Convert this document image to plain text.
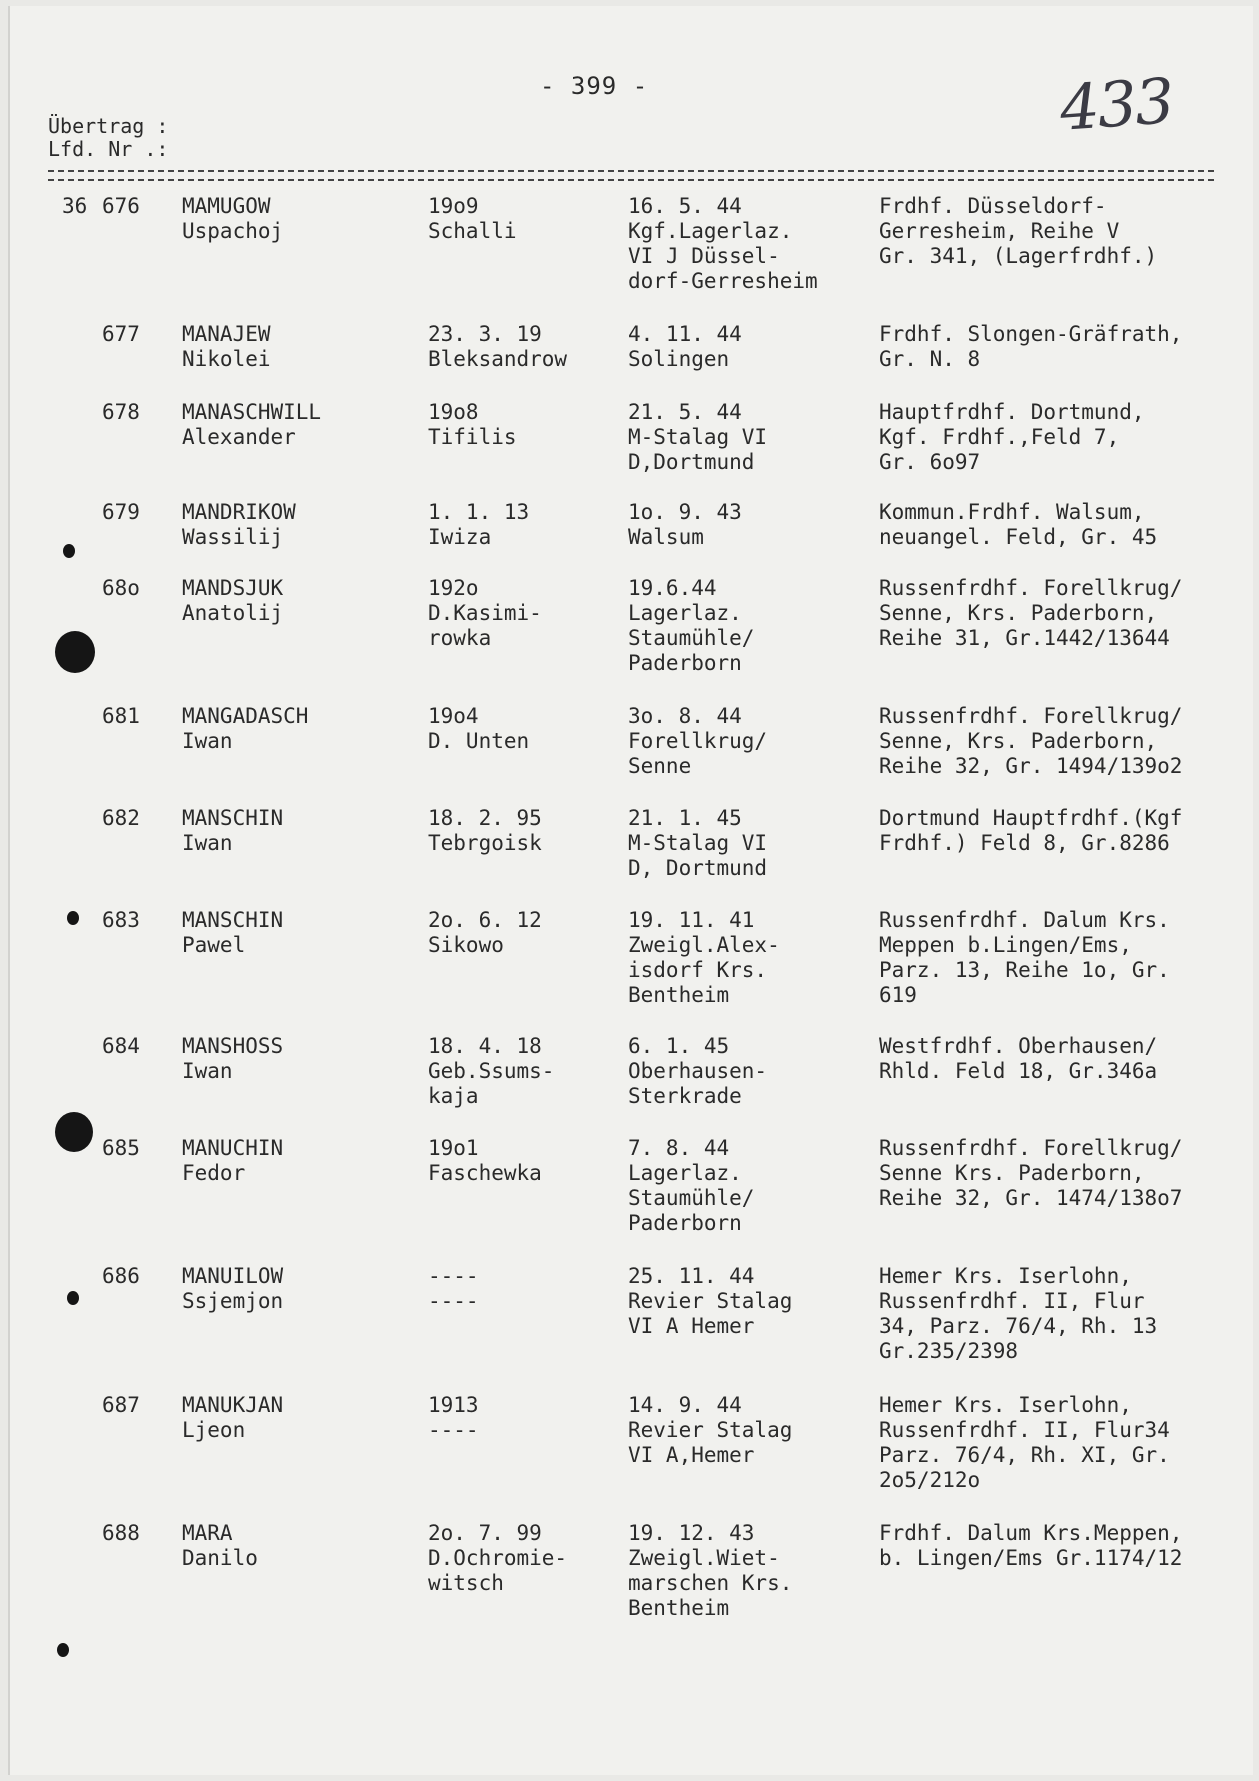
- 399 -	433
Übertrag :
Lfd. Nr .:
36 676 MAMUGOW
Uspachoj
19o9
Schalli
16. 5. 44
Kgf.Lagerlaz.
VI J Düssel-
dorf-Gerresheim
Frdhf. Düsseldorf-
Gerresheim, Reihe V
Gr. 341, (Lagerfrdhf.)
677 MANAJEW
Nikolei
23. 3. 19
Bleksandrow
4. 11. 44
Solingen
Frdhf. Slongen-Gräfrath,
Gr. N. 8
678 MANASCHWILL
Alexander
19o8
Tifilis
21. 5. 44
M-Stalag VI
D,Dortmund
Hauptfrdhf. Dortmund,
Kgf. Frdhf.,Feld 7,
Gr. 6o97
679 MANDRIKOW
Wassilij
1. 1. 13
Iwiza
1o. 9. 43
Walsum
Kommun.Frdhf. Walsum,
neuangel. Feld, Gr. 45
68o MANDSJUK
Anatolij
192o
D.Kasimi-
rowka
19.6.44
Lagerlaz.
Staumühle/
Paderborn
Russenfrdhf. Forellkrug/
Senne, Krs. Paderborn,
Reihe 31, Gr.1442/13644
681 MANGADASCH
Iwan
19o4
D. Unten
3o. 8. 44
Forellkrug/
Senne
Russenfrdhf. Forellkrug/
Senne, Krs. Paderborn,
Reihe 32, Gr. 1494/139o2
682 MANSCHIN
Iwan
18. 2. 95
Tebrgoisk
21. 1. 45
M-Stalag VI
D, Dortmund
Dortmund Hauptfrdhf.(Kgf
Frdhf.) Feld 8, Gr.8286
683 MANSCHIN
Pawel
2o. 6. 12
Sikowo
19. 11. 41
Zweigl.Alex-
isdorf Krs.
Bentheim
Russenfrdhf. Dalum Krs.
Meppen b.Lingen/Ems,
Parz. 13, Reihe 1o, Gr.
619
684 MANSHOSS
Iwan
18. 4. 18
Geb.Ssums-
kaja
6. 1. 45
Oberhausen-
Sterkrade
Westfrdhf. Oberhausen/
Rhld. Feld 18, Gr.346a
685 MANUCHIN
Fedor
19o1
Faschewka
7. 8. 44
Lagerlaz.
Staumühle/
Paderborn
Russenfrdhf. Forellkrug/
Senne Krs. Paderborn,
Reihe 32, Gr. 1474/138o7
686 MANUILOW
Ssjemjon
----
----
25. 11. 44
Revier Stalag
VI A Hemer
Hemer Krs. Iserlohn,
Russenfrdhf. II, Flur
34, Parz. 76/4, Rh. 13
Gr.235/2398
687 MANUKJAN
Ljeon
1913
----
14. 9. 44
Revier Stalag
VI A,Hemer
Hemer Krs. Iserlohn,
Russenfrdhf. II, Flur34
Parz. 76/4, Rh. XI, Gr.
2o5/212o
688 MARA
Danilo
2o. 7. 99
D.Ochromie-
witsch
19. 12. 43
Zweigl.Wiet-
marschen Krs.
Bentheim
Frdhf. Dalum Krs.Meppen,
b. Lingen/Ems Gr.1174/12
